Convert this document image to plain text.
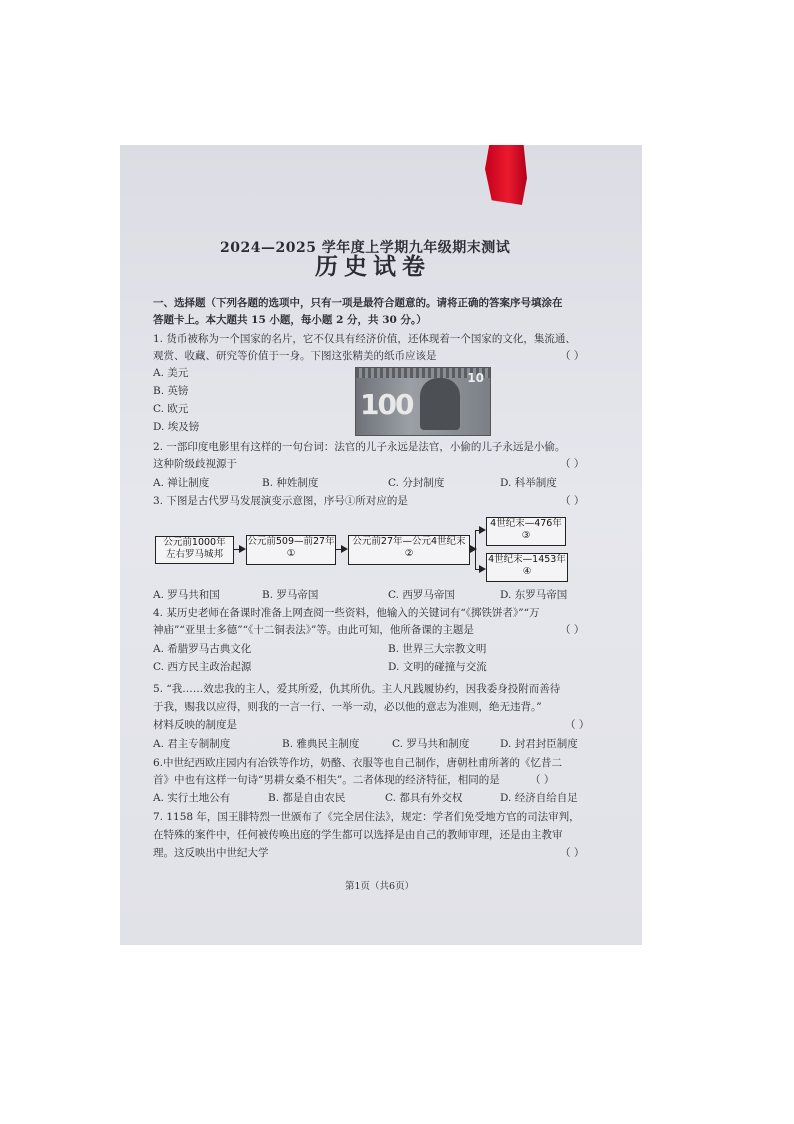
2024—2025 学年度上学期九年级期末测试
历史试卷
一、选择题（下列各题的选项中，只有一项是最符合题意的。请将正确的答案序号填涂在
答题卡上。本大题共 15 小题，每小题 2 分，共 30 分。）
1. 货币被称为一个国家的名片，它不仅具有经济价值，还体现着一个国家的文化，集流通、
观赏、收藏、研究等价值于一身。下图这张精美的纸币应该是	（ ）
A. 美元
B. 英镑
C. 欧元
D. 埃及镑
100
10
2. 一部印度电影里有这样的一句台词：法官的儿子永远是法官，小偷的儿子永远是小偷。
这种阶级歧视源于	（ ）
A. 禅让制度	B. 种姓制度	C. 分封制度	D. 科举制度
3. 下图是古代罗马发展演变示意图，序号①所对应的是	（ ）
公元前1000年
左右罗马城邦
公元前509—前27年
①
公元前27年—公元4世纪末
②
4世纪末—476年
③
4世纪末—1453年
④
A. 罗马共和国	B. 罗马帝国	C. 西罗马帝国	D. 东罗马帝国
4. 某历史老师在备课时准备上网查阅一些资料，他输入的关键词有“《掷铁饼者》”“万
神庙”“亚里士多德”“《十二铜表法》”等。由此可知，他所备课的主题是	（ ）
A. 希腊罗马古典文化	B. 世界三大宗教文明
C. 西方民主政治起源	D. 文明的碰撞与交流
5. “我……效忠我的主人，爱其所爱，仇其所仇。主人凡践履协约，因我委身投附而善待
于我，赐我以应得，则我的一言一行、一举一动，必以他的意志为准则，绝无违背。”
材料反映的制度是	（ ）
A. 君主专制制度	B. 雅典民主制度	C. 罗马共和制度	D. 封君封臣制度
6.中世纪西欧庄园内有冶铁等作坊，奶酪、衣服等也自己制作，唐朝杜甫所著的《忆昔二
首》中也有这样一句诗“男耕女桑不相失”。二者体现的经济特征，相同的是	（ ）
A. 实行土地公有	B. 都是自由农民	C. 都具有外交权	D. 经济自给自足
7. 1158 年，国王腓特烈一世颁布了《完全居住法》，规定：学者们免受地方官的司法审判，
在特殊的案件中，任何被传唤出庭的学生都可以选择是由自己的教师审理，还是由主教审
理。这反映出中世纪大学	（ ）
第1页（共6页）
